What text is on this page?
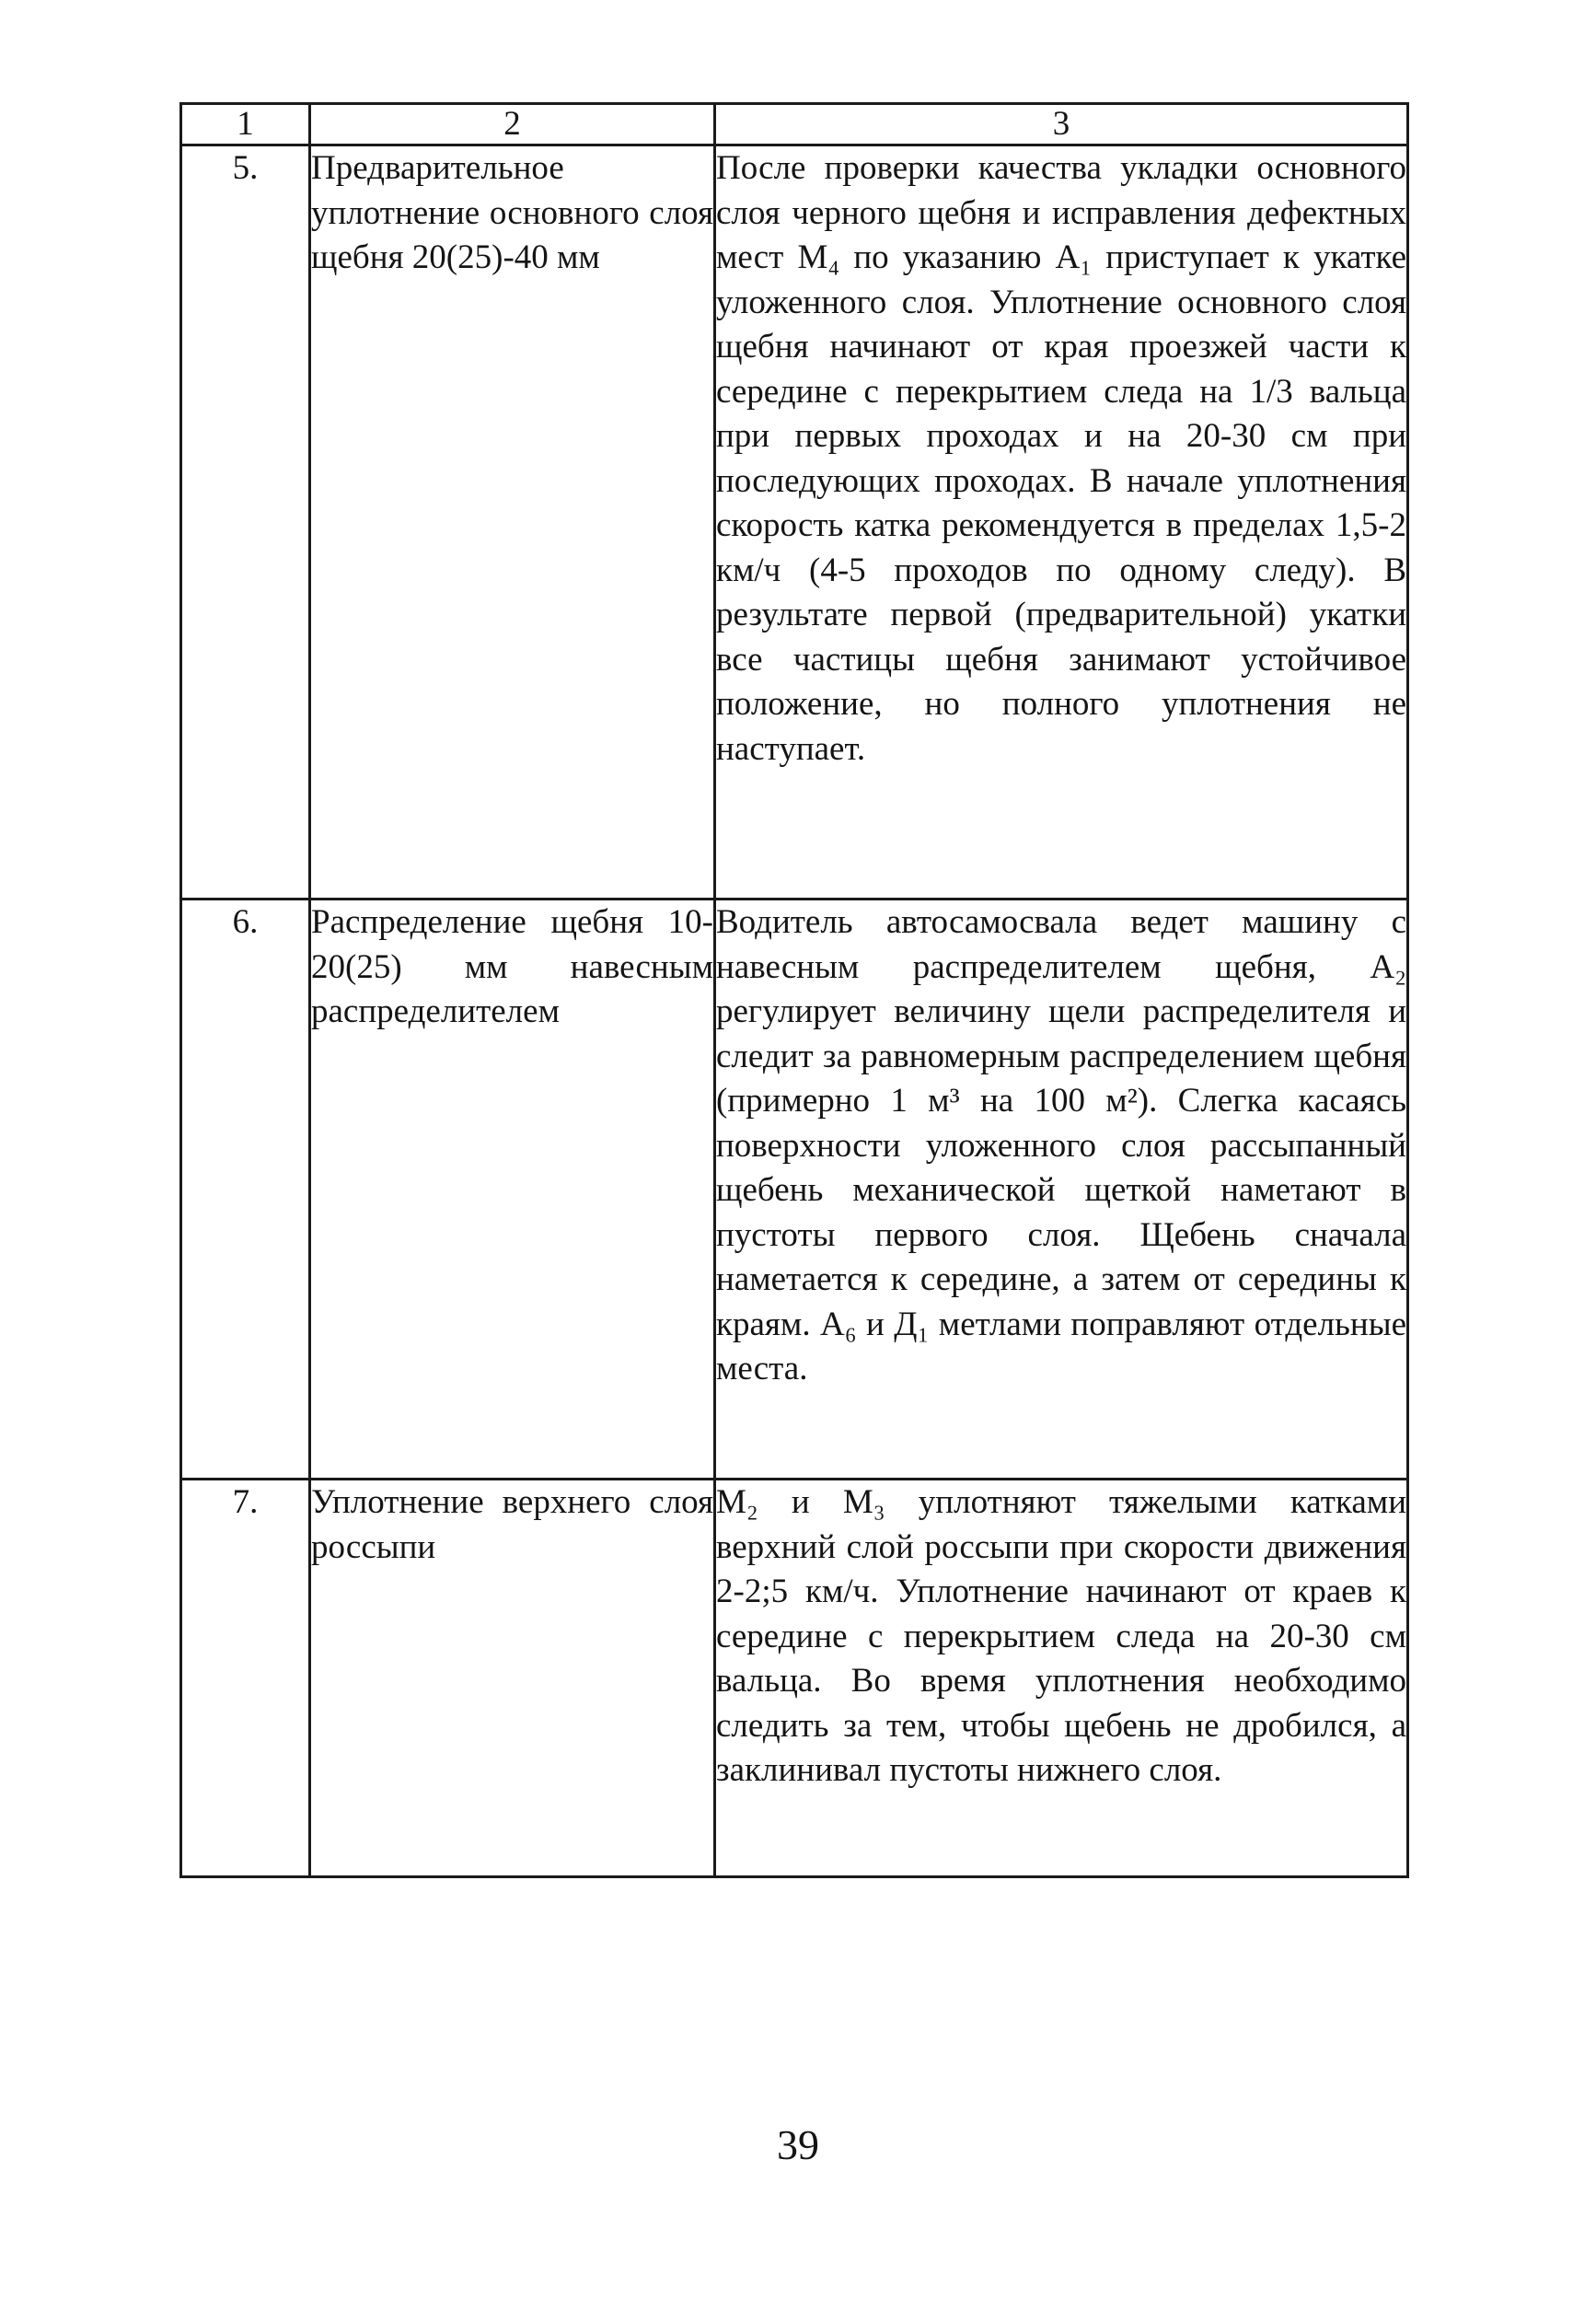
1	2	3
5.	Предварительное уплотнение основного слоя щебня 20(25)-40 мм	После проверки качества укладки основного слоя черного щебня и исправления дефектных мест М₄ по указанию А₁ приступает к укатке уложенного слоя. Уплотнение основного слоя щебня начинают от края проезжей части к середине с перекрытием следа на 1/3 вальца при первых проходах и на 20-30 см при последующих проходах. В начале уплотнения скорость катка рекомендуется в пределах 1,5-2 км/ч (4-5 проходов по одному следу). В результате первой (предварительной) укатки все частицы щебня занимают устойчивое положение, но полного уплотнения не наступает.
6.	Распределение щебня 10-20(25) мм навесным распределителем	Водитель автосамосвала ведет машину с навесным распределителем щебня, А₂ регулирует величину щели распределителя и следит за равномерным распределением щебня (примерно 1 м³ на 100 м²). Слегка касаясь поверхности уложенного слоя рассыпанный щебень механической щеткой наметают в пустоты первого слоя. Щебень сначала наметается к середине, а затем от середины к краям. А₆ и Д₁ метлами поправляют отдельные места.
7.	Уплотнение верхнего слоя россыпи	М₂ и М₃ уплотняют тяжелыми катками верхний слой россыпи при скорости движения 2-2;5 км/ч. Уплотнение начинают от краев к середине с перекрытием следа на 20-30 см вальца. Во время уплотнения необходимо следить за тем, чтобы щебень не дробился, а заклинивал пустоты нижнего слоя.
39
